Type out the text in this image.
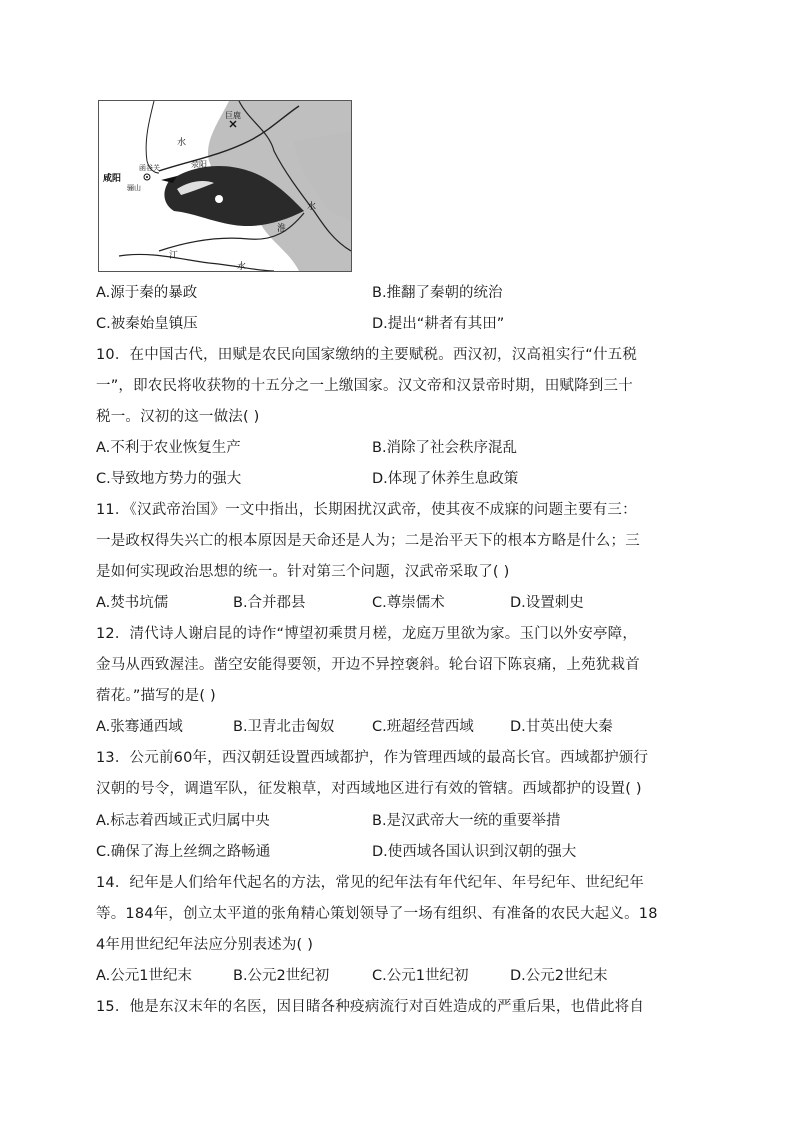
巨鹿
咸阳
骊山
函谷关	荥阳
水
水
水
江
淮
A.源于秦的暴政	B.推翻了秦朝的统治
C.被秦始皇镇压	D.提出“耕者有其田”
10．在中国古代，田赋是农民向国家缴纳的主要赋税。西汉初，汉高祖实行“什五税
一”，即农民将收获物的十五分之一上缴国家。汉文帝和汉景帝时期，田赋降到三十
税一。汉初的这一做法( )
A.不利于农业恢复生产	B.消除了社会秩序混乱
C.导致地方势力的强大	D.体现了休养生息政策
11．《汉武帝治国》一文中指出，长期困扰汉武帝，使其夜不成寐的问题主要有三：
一是政权得失兴亡的根本原因是天命还是人为；二是治平天下的根本方略是什么；三
是如何实现政治思想的统一。针对第三个问题，汉武帝采取了( )
A.焚书坑儒	B.合并郡县	C.尊崇儒术	D.设置刺史
12．清代诗人谢启昆的诗作“博望初乘贯月槎，龙庭万里欲为家。玉门以外安亭障，
金马从西致渥洼。凿空安能得要领，开边不异控褒斜。轮台诏下陈哀痛，上苑犹栽首
蓿花。”描写的是( )
A.张骞通西域	B.卫青北击匈奴	C.班超经营西域	D.甘英出使大秦
13．公元前60年，西汉朝廷设置西域都护，作为管理西域的最高长官。西域都护颁行
汉朝的号令，调遣军队，征发粮草，对西域地区进行有效的管辖。西域都护的设置( )
A.标志着西域正式归属中央	B.是汉武帝大一统的重要举措
C.确保了海上丝绸之路畅通	D.使西域各国认识到汉朝的强大
14．纪年是人们给年代起名的方法，常见的纪年法有年代纪年、年号纪年、世纪纪年
等。184年，创立太平道的张角精心策划领导了一场有组织、有准备的农民大起义。18
4年用世纪纪年法应分别表述为( )
A.公元1世纪末	B.公元2世纪初	C.公元1世纪初	D.公元2世纪末
15．他是东汉末年的名医，因目睹各种疫病流行对百姓造成的严重后果，也借此将自
